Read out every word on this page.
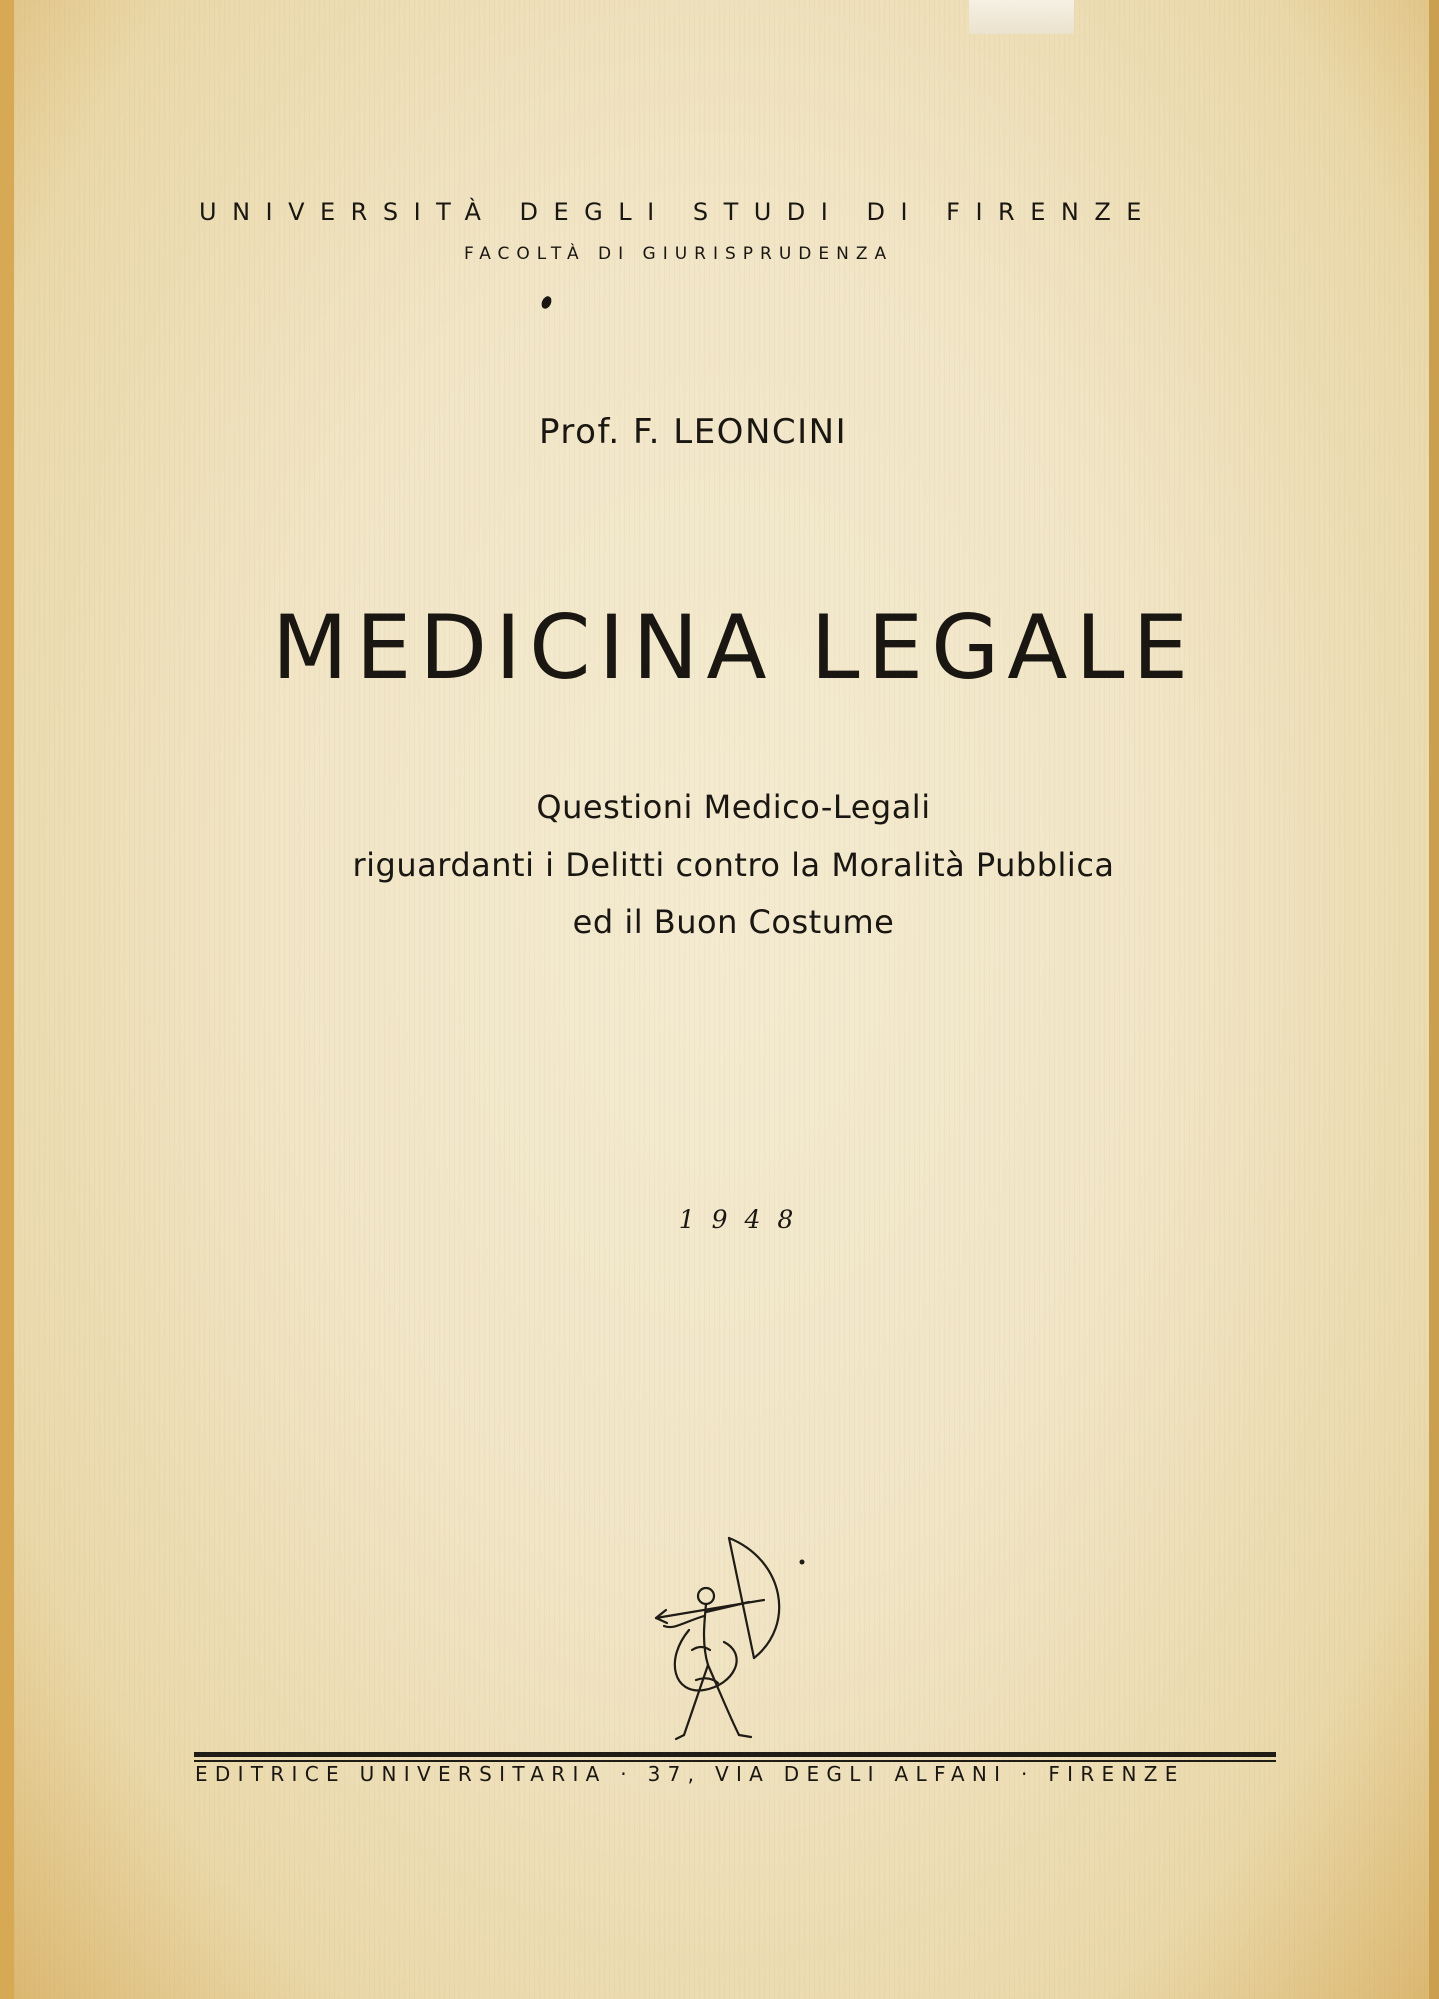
UNIVERSITÀ DEGLI STUDI DI FIRENZE
FACOLTÀ DI GIURISPRUDENZA
Prof. F. LEONCINI
MEDICINA LEGALE
Questioni Medico-Legali
riguardanti i Delitti contro la Moralità Pubblica
ed il Buon Costume
1948
EDITRICE UNIVERSITARIA · 37, VIA DEGLI ALFANI · FIRENZE
